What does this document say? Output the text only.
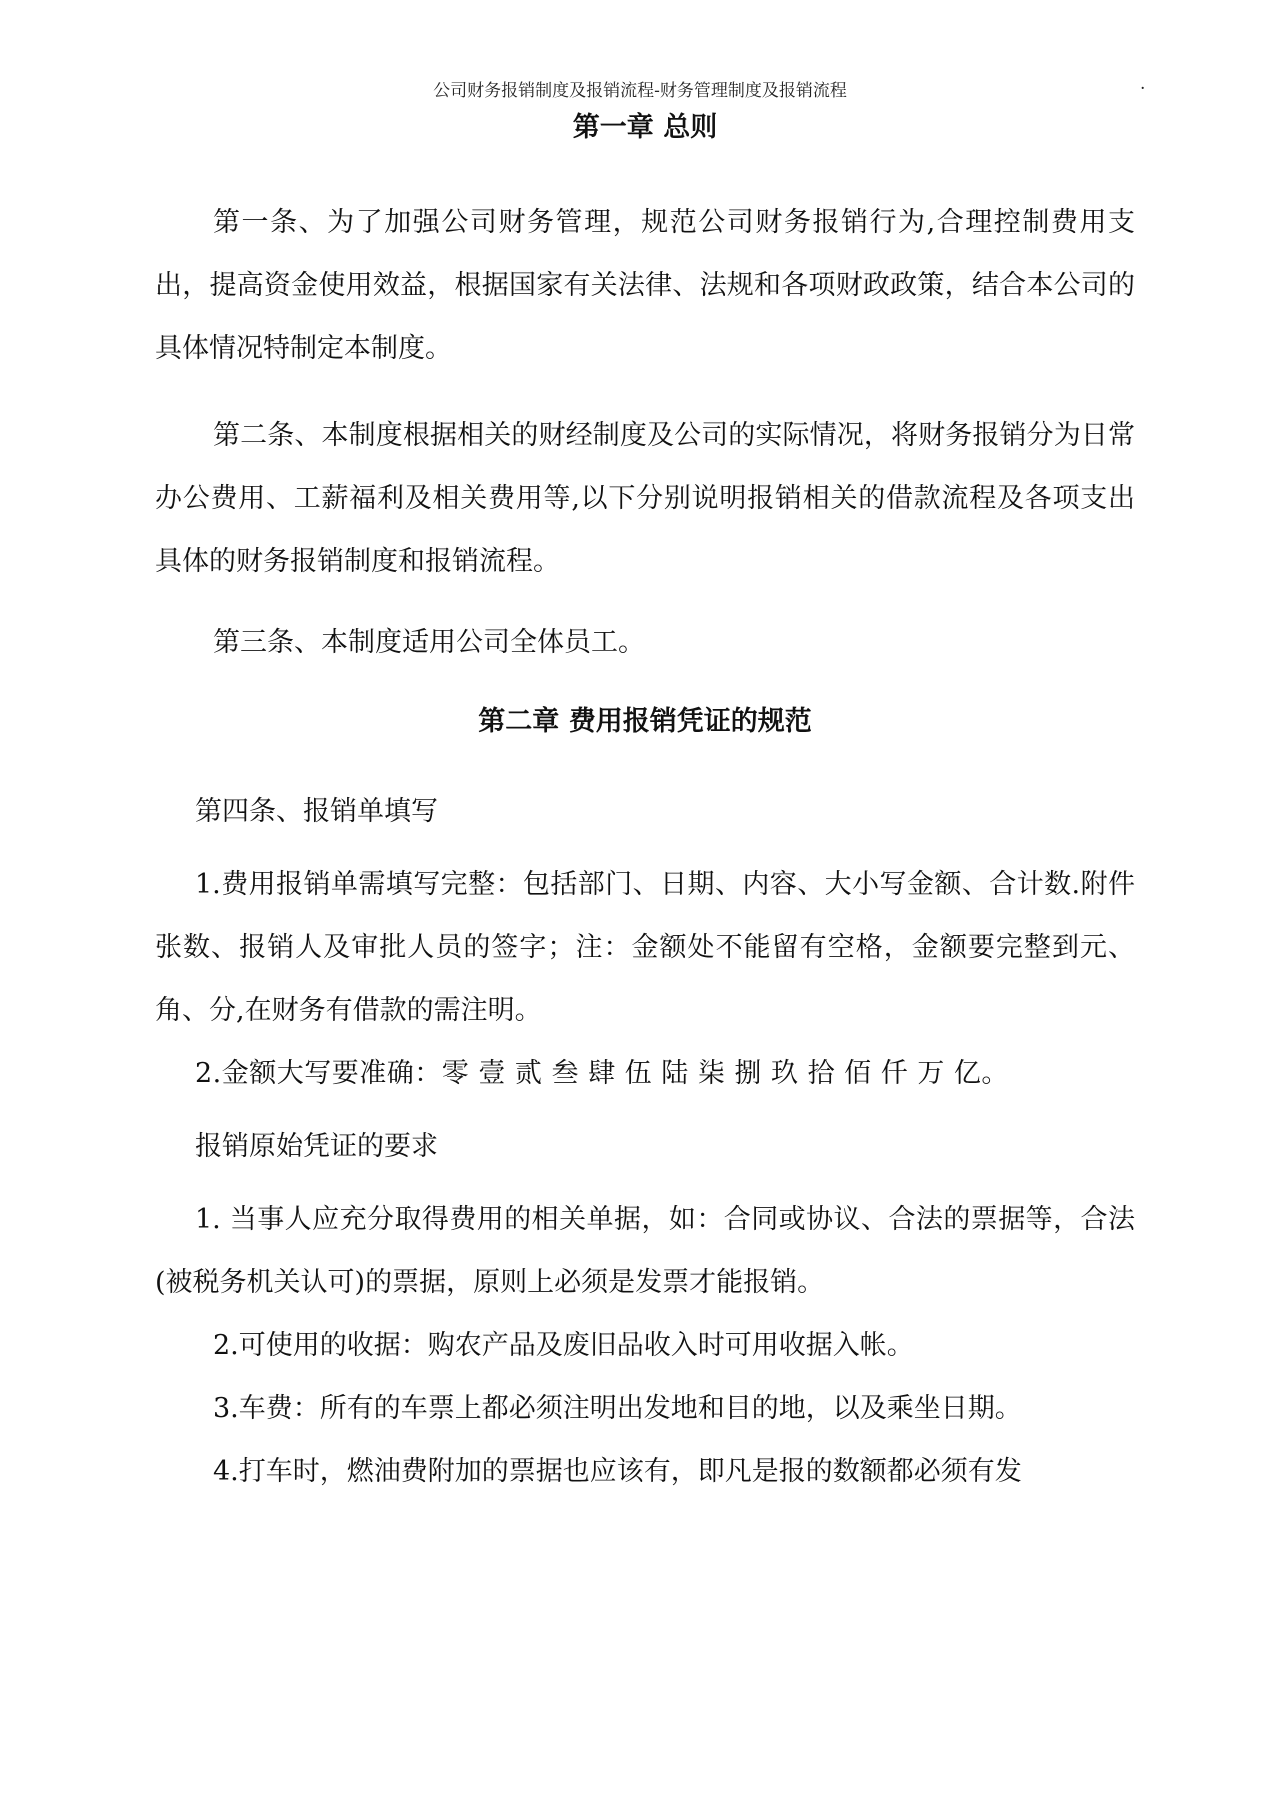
公司财务报销制度及报销流程-财务管理制度及报销流程	.
第一章 总则

第一条、为了加强公司财务管理，规范公司财务报销行为,合理控制费用支出，提高资金使用效益，根据国家有关法律、法规和各项财政政策，结合本公司的具体情况特制定本制度。

第二条、本制度根据相关的财经制度及公司的实际情况，将财务报销分为日常办公费用、工薪福利及相关费用等,以下分别说明报销相关的借款流程及各项支出具体的财务报销制度和报销流程。

第三条、本制度适用公司全体员工。

第二章 费用报销凭证的规范

第四条、报销单填写

1.费用报销单需填写完整：包括部门、日期、内容、大小写金额、合计数.附件张数、报销人及审批人员的签字；注：金额处不能留有空格，金额要完整到元、角、分,在财务有借款的需注明。

2.金额大写要准确：零 壹 贰 叁 肆 伍 陆 柒 捌 玖 拾 佰 仟 万 亿。

报销原始凭证的要求

1. 当事人应充分取得费用的相关单据，如：合同或协议、合法的票据等，合法(被税务机关认可)的票据，原则上必须是发票才能报销。

2.可使用的收据：购农产品及废旧品收入时可用收据入帐。

3.车费：所有的车票上都必须注明出发地和目的地，以及乘坐日期。

4.打车时，燃油费附加的票据也应该有，即凡是报的数额都必须有发
